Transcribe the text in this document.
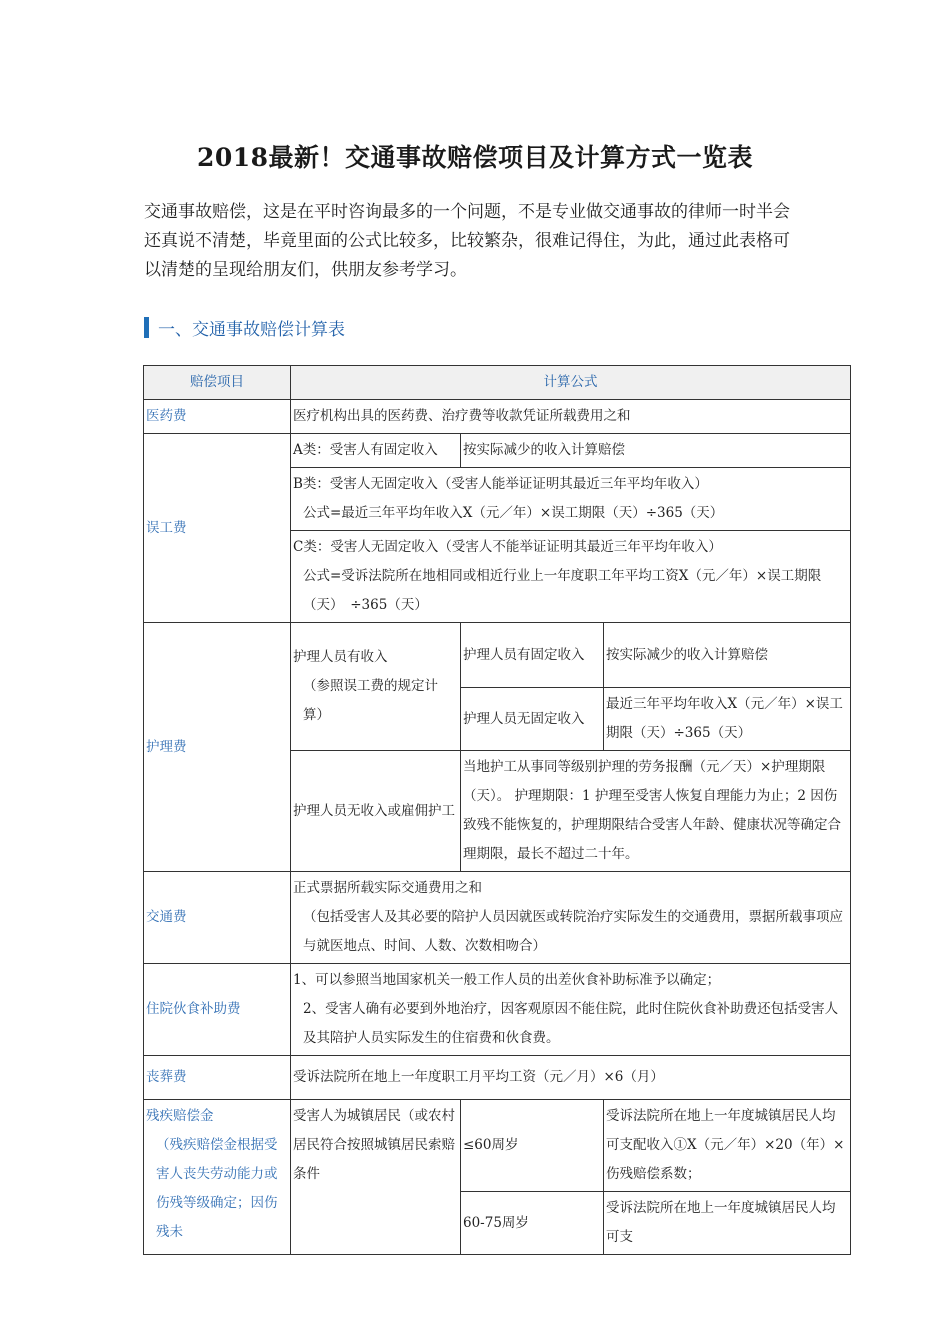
2018最新！交通事故赔偿项目及计算方式一览表
交通事故赔偿，这是在平时咨询最多的一个问题，不是专业做交通事故的律师一时半会还真说不清楚，毕竟里面的公式比较多，比较繁杂，很难记得住，为此，通过此表格可以清楚的呈现给朋友们，供朋友参考学习。
一、交通事故赔偿计算表
赔偿项目	计算公式		
医药费	医疗机构出具的医药费、治疗费等收款凭证所载费用之和		
误工费	A类：受害人有固定收入	按实际减少的收入计算赔偿	

	B类：受害人无固定收入（受害人能举证证明其最近三年平均年收入）
公式=最近三年平均年收入X（元／年）×误工期限（天）÷365（天）		

	C类：受害人无固定收入（受害人不能举证证明其最近三年平均年收入）
公式=受诉法院所在地相同或相近行业上一年度职工年平均工资X（元／年）×误工期限（天）　÷365（天）		

护理费	护理人员有收入
（参照误工费的规定计算）	护理人员有固定收入	按实际减少的收入计算赔偿
		护理人员无固定收入	最近三年平均年收入X（元／年）×误工期限（天）÷365（天）
	护理人员无收入或雇佣护工	当地护工从事同等级别护理的劳务报酬（元／天）×护理期限（天）。 护理期限：1 护理至受害人恢复自理能力为止；2 因伤致残不能恢复的，护理期限结合受害人年龄、健康状况等确定合理期限，最长不超过二十年。	
交通费	正式票据所载实际交通费用之和
（包括受害人及其必要的陪护人员因就医或转院治疗实际发生的交通费用，票据所载事项应与就医地点、时间、人数、次数相吻合）		

住院伙食补助费	1、可以参照当地国家机关一般工作人员的出差伙食补助标准予以确定；
2、受害人确有必要到外地治疗，因客观原因不能住院，此时住院伙食补助费还包括受害人及其陪护人员实际发生的住宿费和伙食费。		

丧葬费	受诉法院所在地上一年度职工月平均工资（元／月）×6（月）		

残疾赔偿金
（残疾赔偿金根据受害人丧失劳动能力或伤残等级确定；因伤残未	受害人为城镇居民（或农村居民符合按照城镇居民索赔条件	≤60周岁	受诉法院所在地上一年度城镇居民人均可支配收入①X（元／年）×20（年）×伤残赔偿系数；
		60-75周岁	受诉法院所在地上一年度城镇居民人均可支
